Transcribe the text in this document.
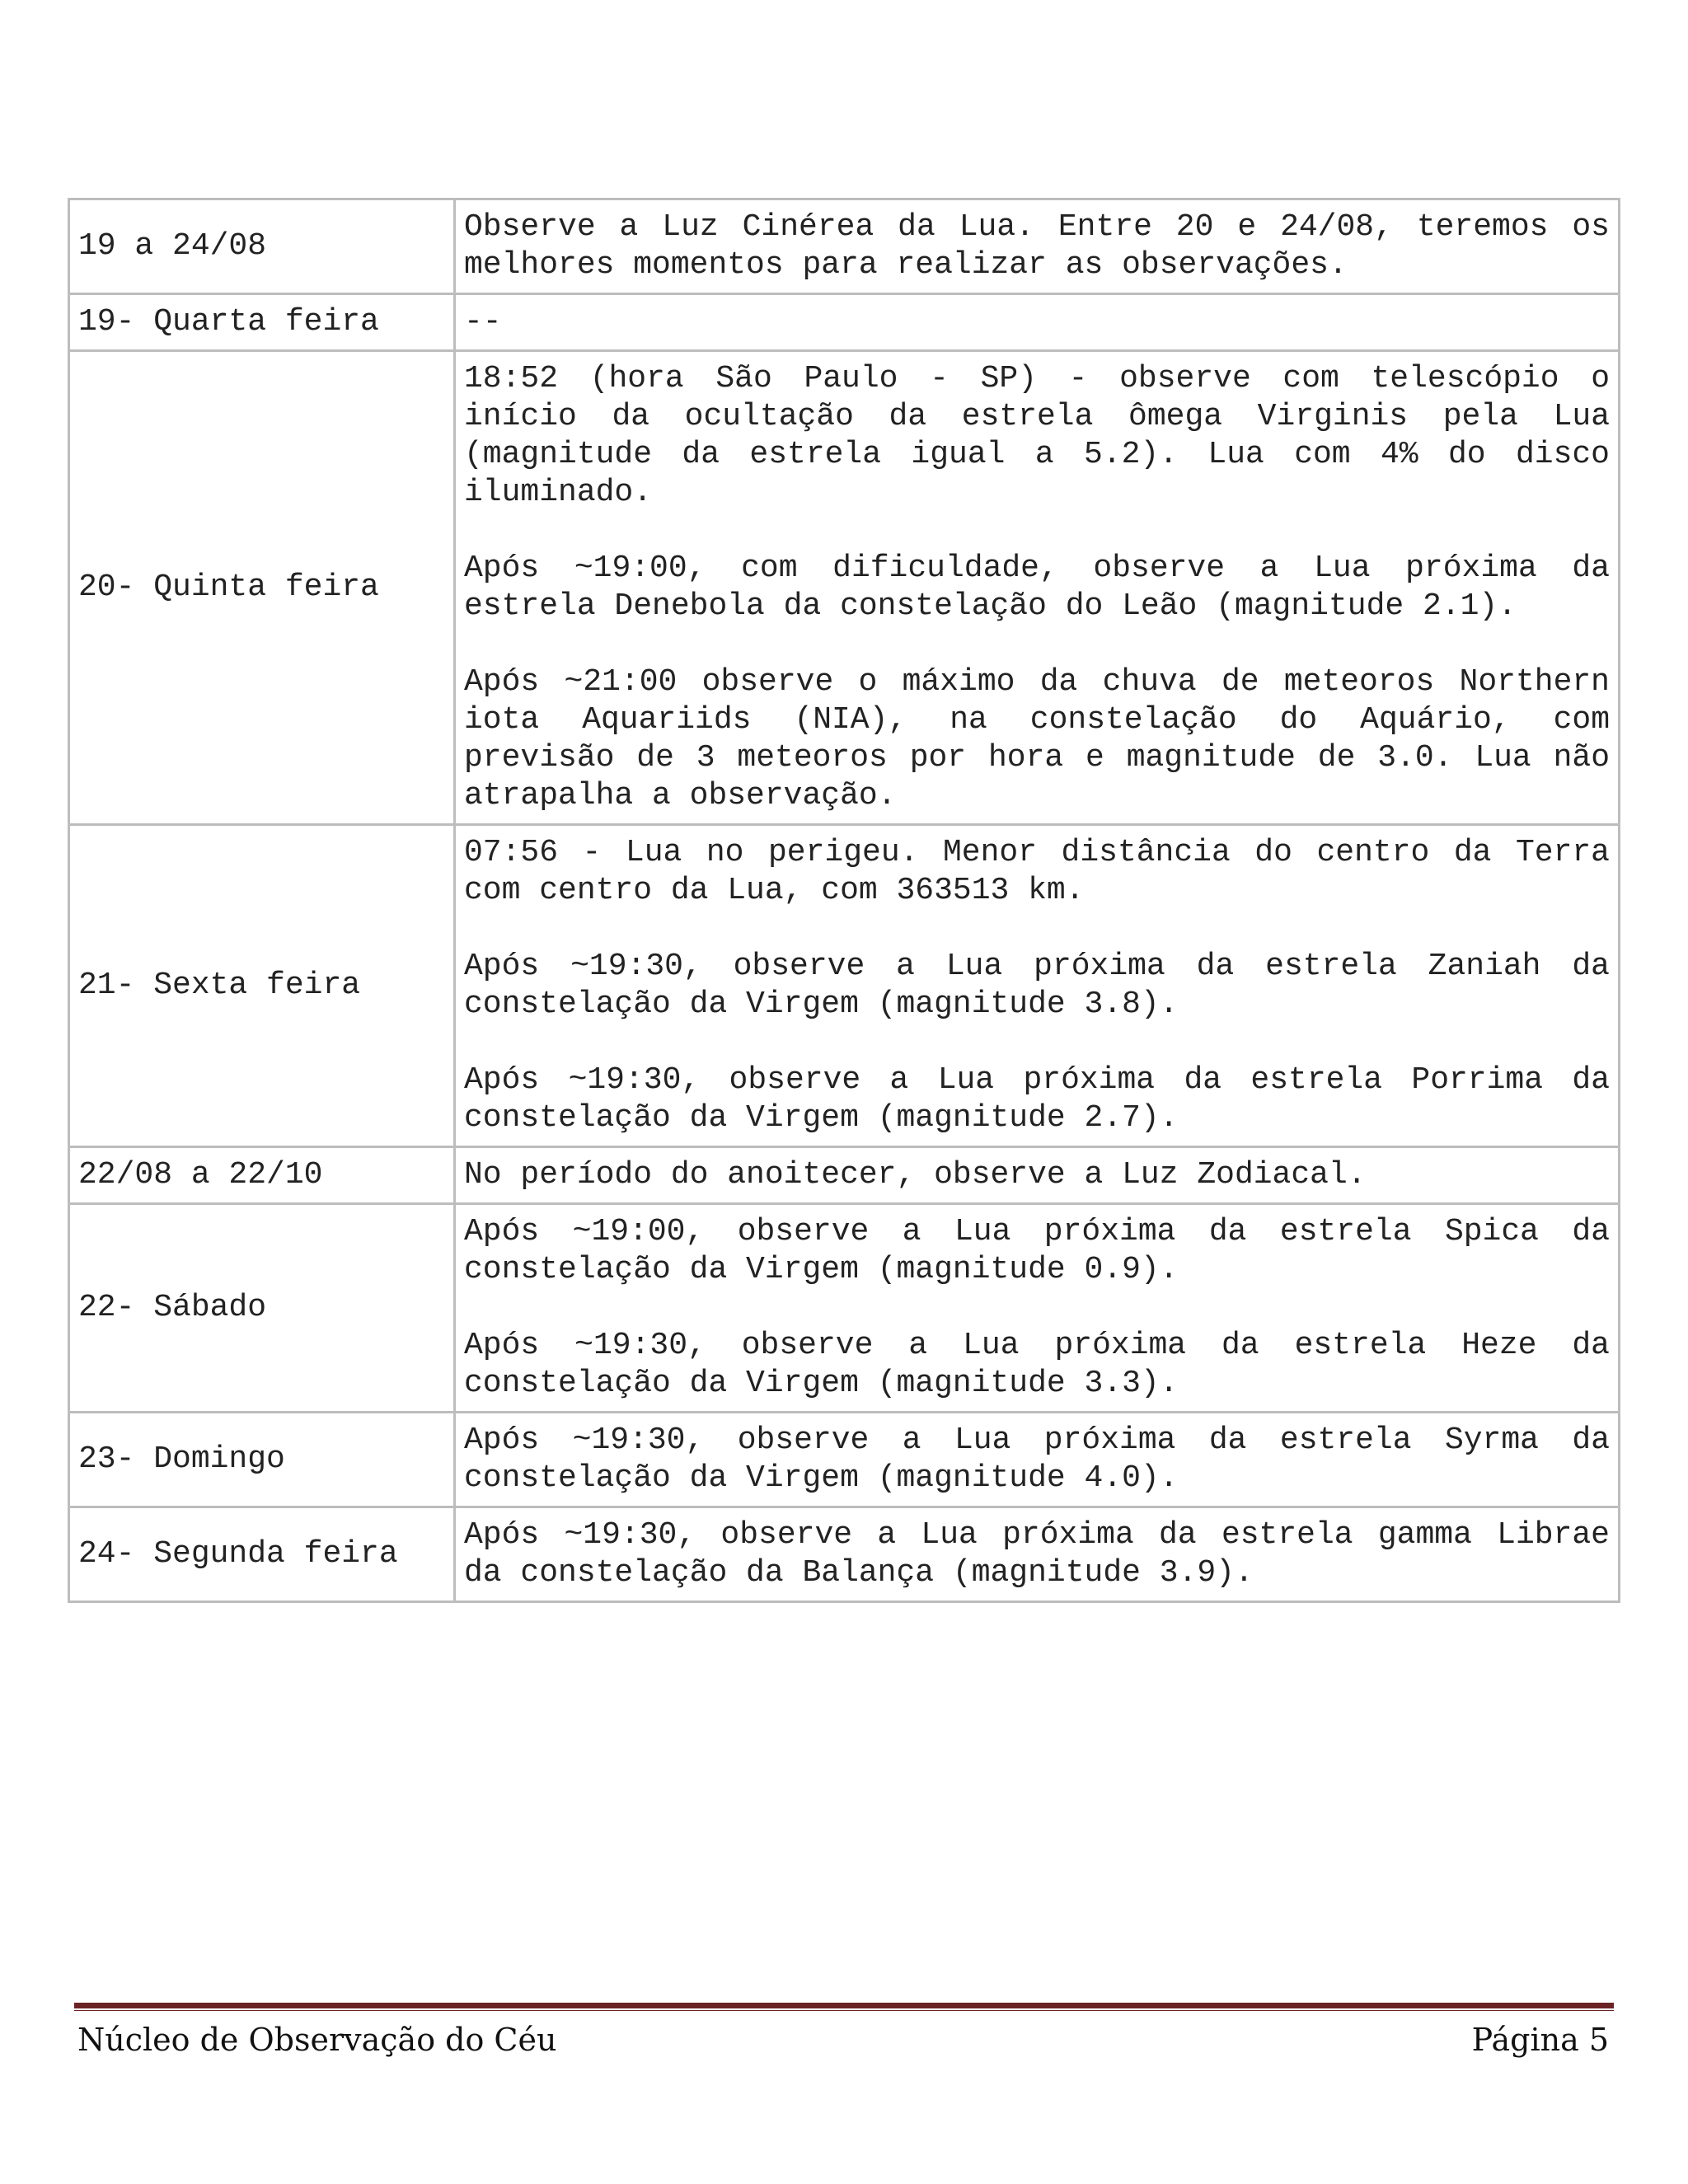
19 a 24/08	Observe a Luz Cinérea da Lua. Entre 20 e 24/08, teremos os melhores momentos para realizar as observações.

19- Quarta feira	--

20- Quinta feira	18:52 (hora São Paulo - SP) - observe com telescópio o início da ocultação da estrela ômega Virginis pela Lua (magnitude da estrela igual a 5.2). Lua com 4% do disco iluminado.
Após ~19:00, com dificuldade, observe a Lua próxima da estrela Denebola da constelação do Leão (magnitude 2.1).
Após ~21:00 observe o máximo da chuva de meteoros Northern iota Aquariids (NIA), na constelação do Aquário, com previsão de 3 meteoros por hora e magnitude de 3.0. Lua não atrapalha a observação.

21- Sexta feira	07:56 - Lua no perigeu. Menor distância do centro da Terra com centro da Lua, com 363513 km.
Após ~19:30, observe a Lua próxima da estrela Zaniah da constelação da Virgem (magnitude 3.8).
Após ~19:30, observe a Lua próxima da estrela Porrima da constelação da Virgem (magnitude 2.7).

22/08 a 22/10	No período do anoitecer, observe a Luz Zodiacal.

22- Sábado	Após ~19:00, observe a Lua próxima da estrela Spica da constelação da Virgem (magnitude 0.9).
Após ~19:30, observe a Lua próxima da estrela Heze da constelação da Virgem (magnitude 3.3).

23- Domingo	Após ~19:30, observe a Lua próxima da estrela Syrma da constelação da Virgem (magnitude 4.0).

24- Segunda feira	Após ~19:30, observe a Lua próxima da estrela gamma Librae da constelação da Balança (magnitude 3.9).
Núcleo de Observação do Céu	Página 5
